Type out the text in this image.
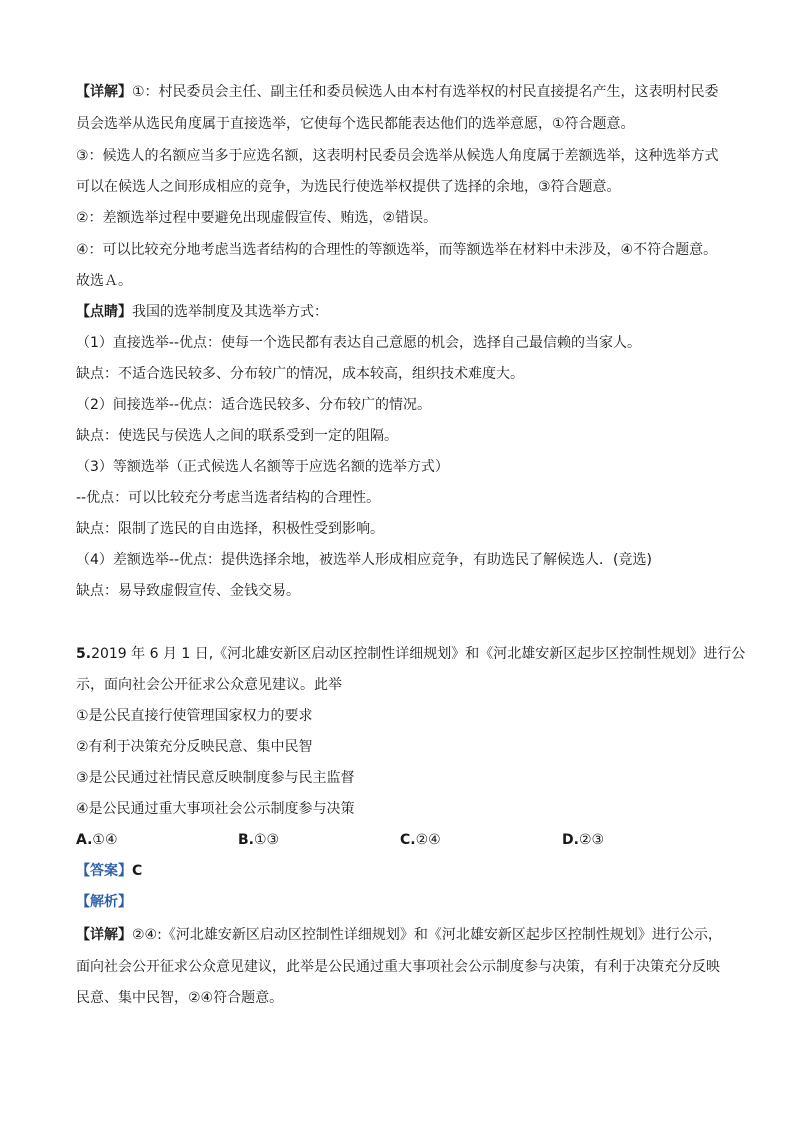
【详解】①：村民委员会主任、副主任和委员候选人由本村有选举权的村民直接提名产生，这表明村民委
员会选举从选民角度属于直接选举，它使每个选民都能表达他们的选举意愿，①符合题意。
③：候选人的名额应当多于应选名额，这表明村民委员会选举从候选人角度属于差额选举，这种选举方式
可以在候选人之间形成相应的竞争，为选民行使选举权提供了选择的余地，③符合题意。
②：差额选举过程中要避免出现虚假宣传、贿选，②错误。
④：可以比较充分地考虑当选者结构的合理性的等额选举，而等额选举在材料中未涉及，④不符合题意。
故选Ａ。
【点睛】我国的选举制度及其选举方式：
（1）直接选举--优点：使每一个选民都有表达自己意愿的机会，选择自己最信赖的当家人。
缺点：不适合选民较多、分布较广的情况，成本较高，组织技术难度大。
（2）间接选举--优点：适合选民较多、分布较广的情况。
缺点：使选民与侯选人之间的联系受到一定的阻隔。
（3）等额选举（正式候选人名额等于应选名额的选举方式）
--优点：可以比较充分考虑当选者结构的合理性。
缺点：限制了选民的自由选择，积极性受到影响。
（4）差额选举--优点：提供选择余地，被选举人形成相应竞争，有助选民了解候选人．(竞选)
缺点：易导致虚假宣传、金钱交易。
5.2019 年 6 月 1 日,《河北雄安新区启动区控制性详细规划》和《河北雄安新区起步区控制性规划》进行公
示，面向社会公开征求公众意见建议。此举
①是公民直接行使管理国家权力的要求
②有利于决策充分反映民意、集中民智
③是公民通过社情民意反映制度参与民主监督
④是公民通过重大事项社会公示制度参与决策
A.①④	B.①③	C.②④	D.②③
【答案】C
【解析】
【详解】②④:《河北雄安新区启动区控制性详细规划》和《河北雄安新区起步区控制性规划》进行公示，
面向社会公开征求公众意见建议，此举是公民通过重大事项社会公示制度参与决策，有利于决策充分反映
民意、集中民智，②④符合题意。
